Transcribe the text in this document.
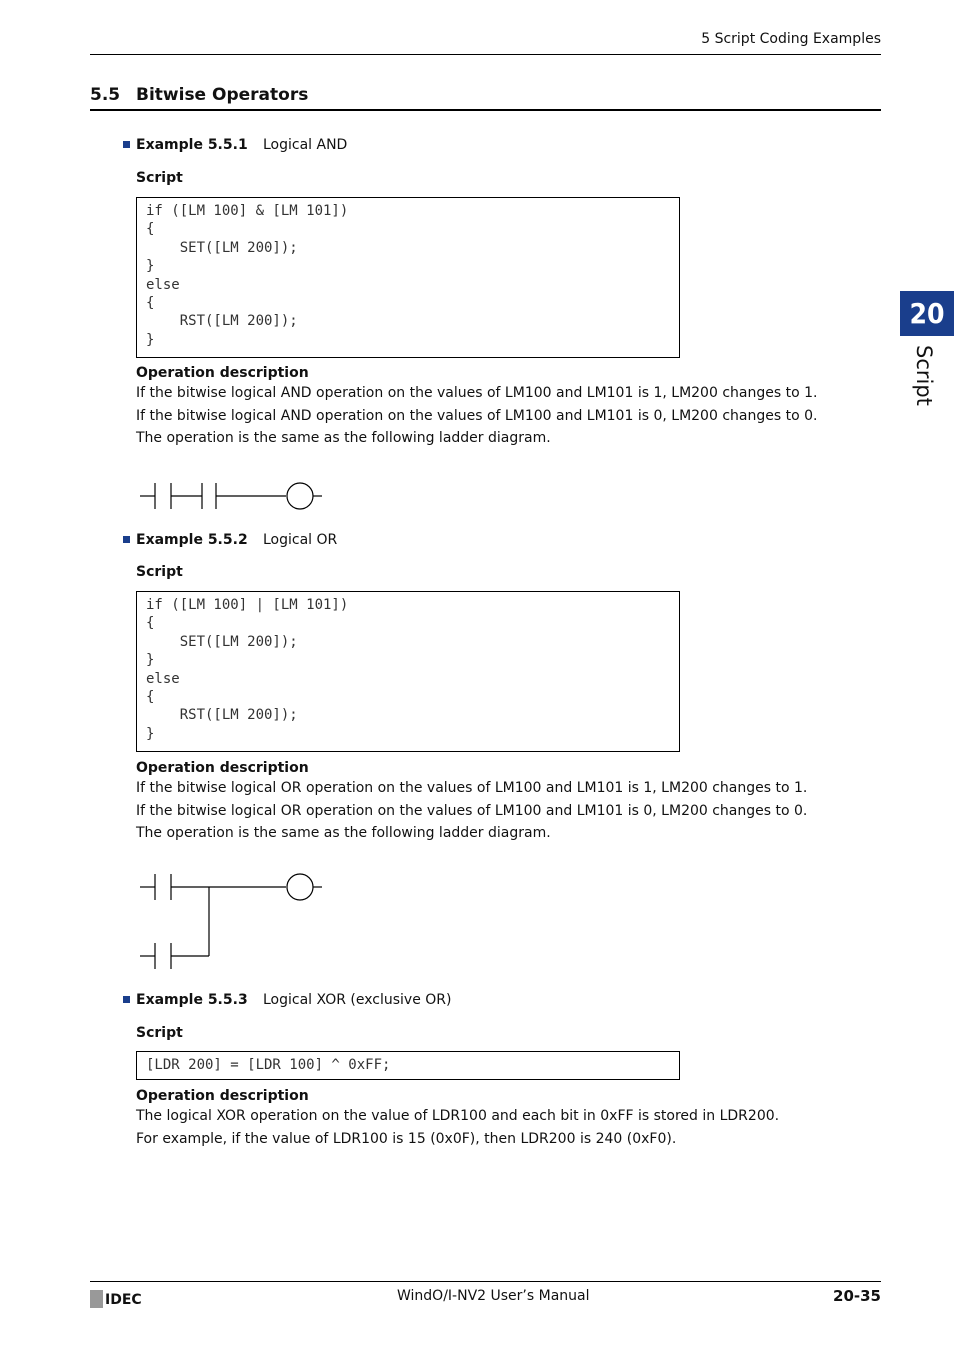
5 Script Coding Examples
5.5 Bitwise Operators
20
Script
Example 5.5.1 Logical AND
Script
if ([LM 100] & [LM 101])
{
SET([LM 200]);
}
else
{
RST([LM 200]);
}
Operation description

If the bitwise logical AND operation on the values of LM100 and LM101 is 1, LM200 changes to 1.

If the bitwise logical AND operation on the values of LM100 and LM101 is 0, LM200 changes to 0.

The operation is the same as the following ladder diagram.

Example 5.5.2 Logical OR
Script
if ([LM 100] | [LM 101])
{
SET([LM 200]);
}
else
{
RST([LM 200]);
}
Operation description

If the bitwise logical OR operation on the values of LM100 and LM101 is 1, LM200 changes to 1.

If the bitwise logical OR operation on the values of LM100 and LM101 is 0, LM200 changes to 0.

The operation is the same as the following ladder diagram.

Example 5.5.3 Logical XOR (exclusive OR)
Script
[LDR 200] = [LDR 100] ^ 0xFF;
Operation description

The logical XOR operation on the value of LDR100 and each bit in 0xFF is stored in LDR200.

For example, if the value of LDR100 is 15 (0x0F), then LDR200 is 240 (0xF0).

IDEC	WindO/I-NV2 User’s Manual	20-35
